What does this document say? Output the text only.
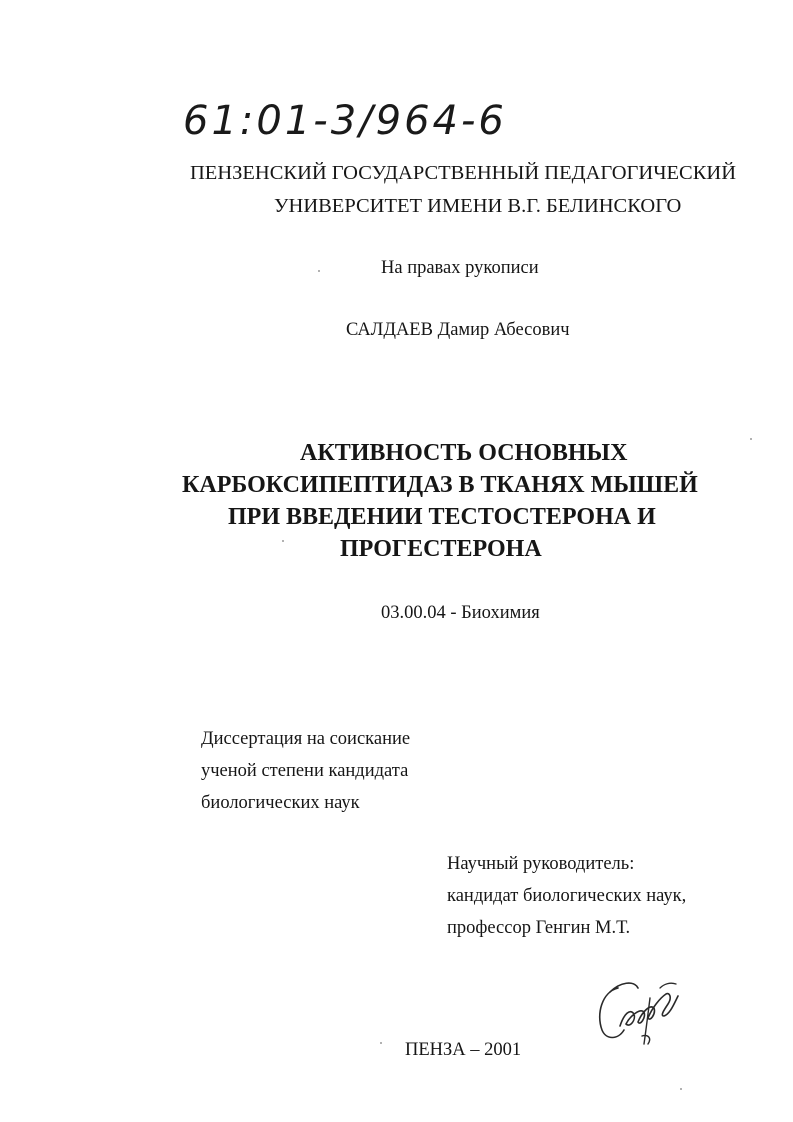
61:01-3/964-6
ПЕНЗЕНСКИЙ ГОСУДАРСТВЕННЫЙ ПЕДАГОГИЧЕСКИЙ
УНИВЕРСИТЕТ ИМЕНИ В.Г. БЕЛИНСКОГО
На правах рукописи
САЛДАЕВ Дамир Абесович
АКТИВНОСТЬ ОСНОВНЫХ
КАРБОКСИПЕПТИДАЗ В ТКАНЯХ МЫШЕЙ
ПРИ ВВЕДЕНИИ ТЕСТОСТЕРОНА И
ПРОГЕСТЕРОНА
03.00.04 - Биохимия
Диссертация на соискание
ученой степени кандидата
биологических наук
Научный руководитель:
кандидат биологических наук,
профессор Генгин М.Т.
ПЕНЗА – 2001
